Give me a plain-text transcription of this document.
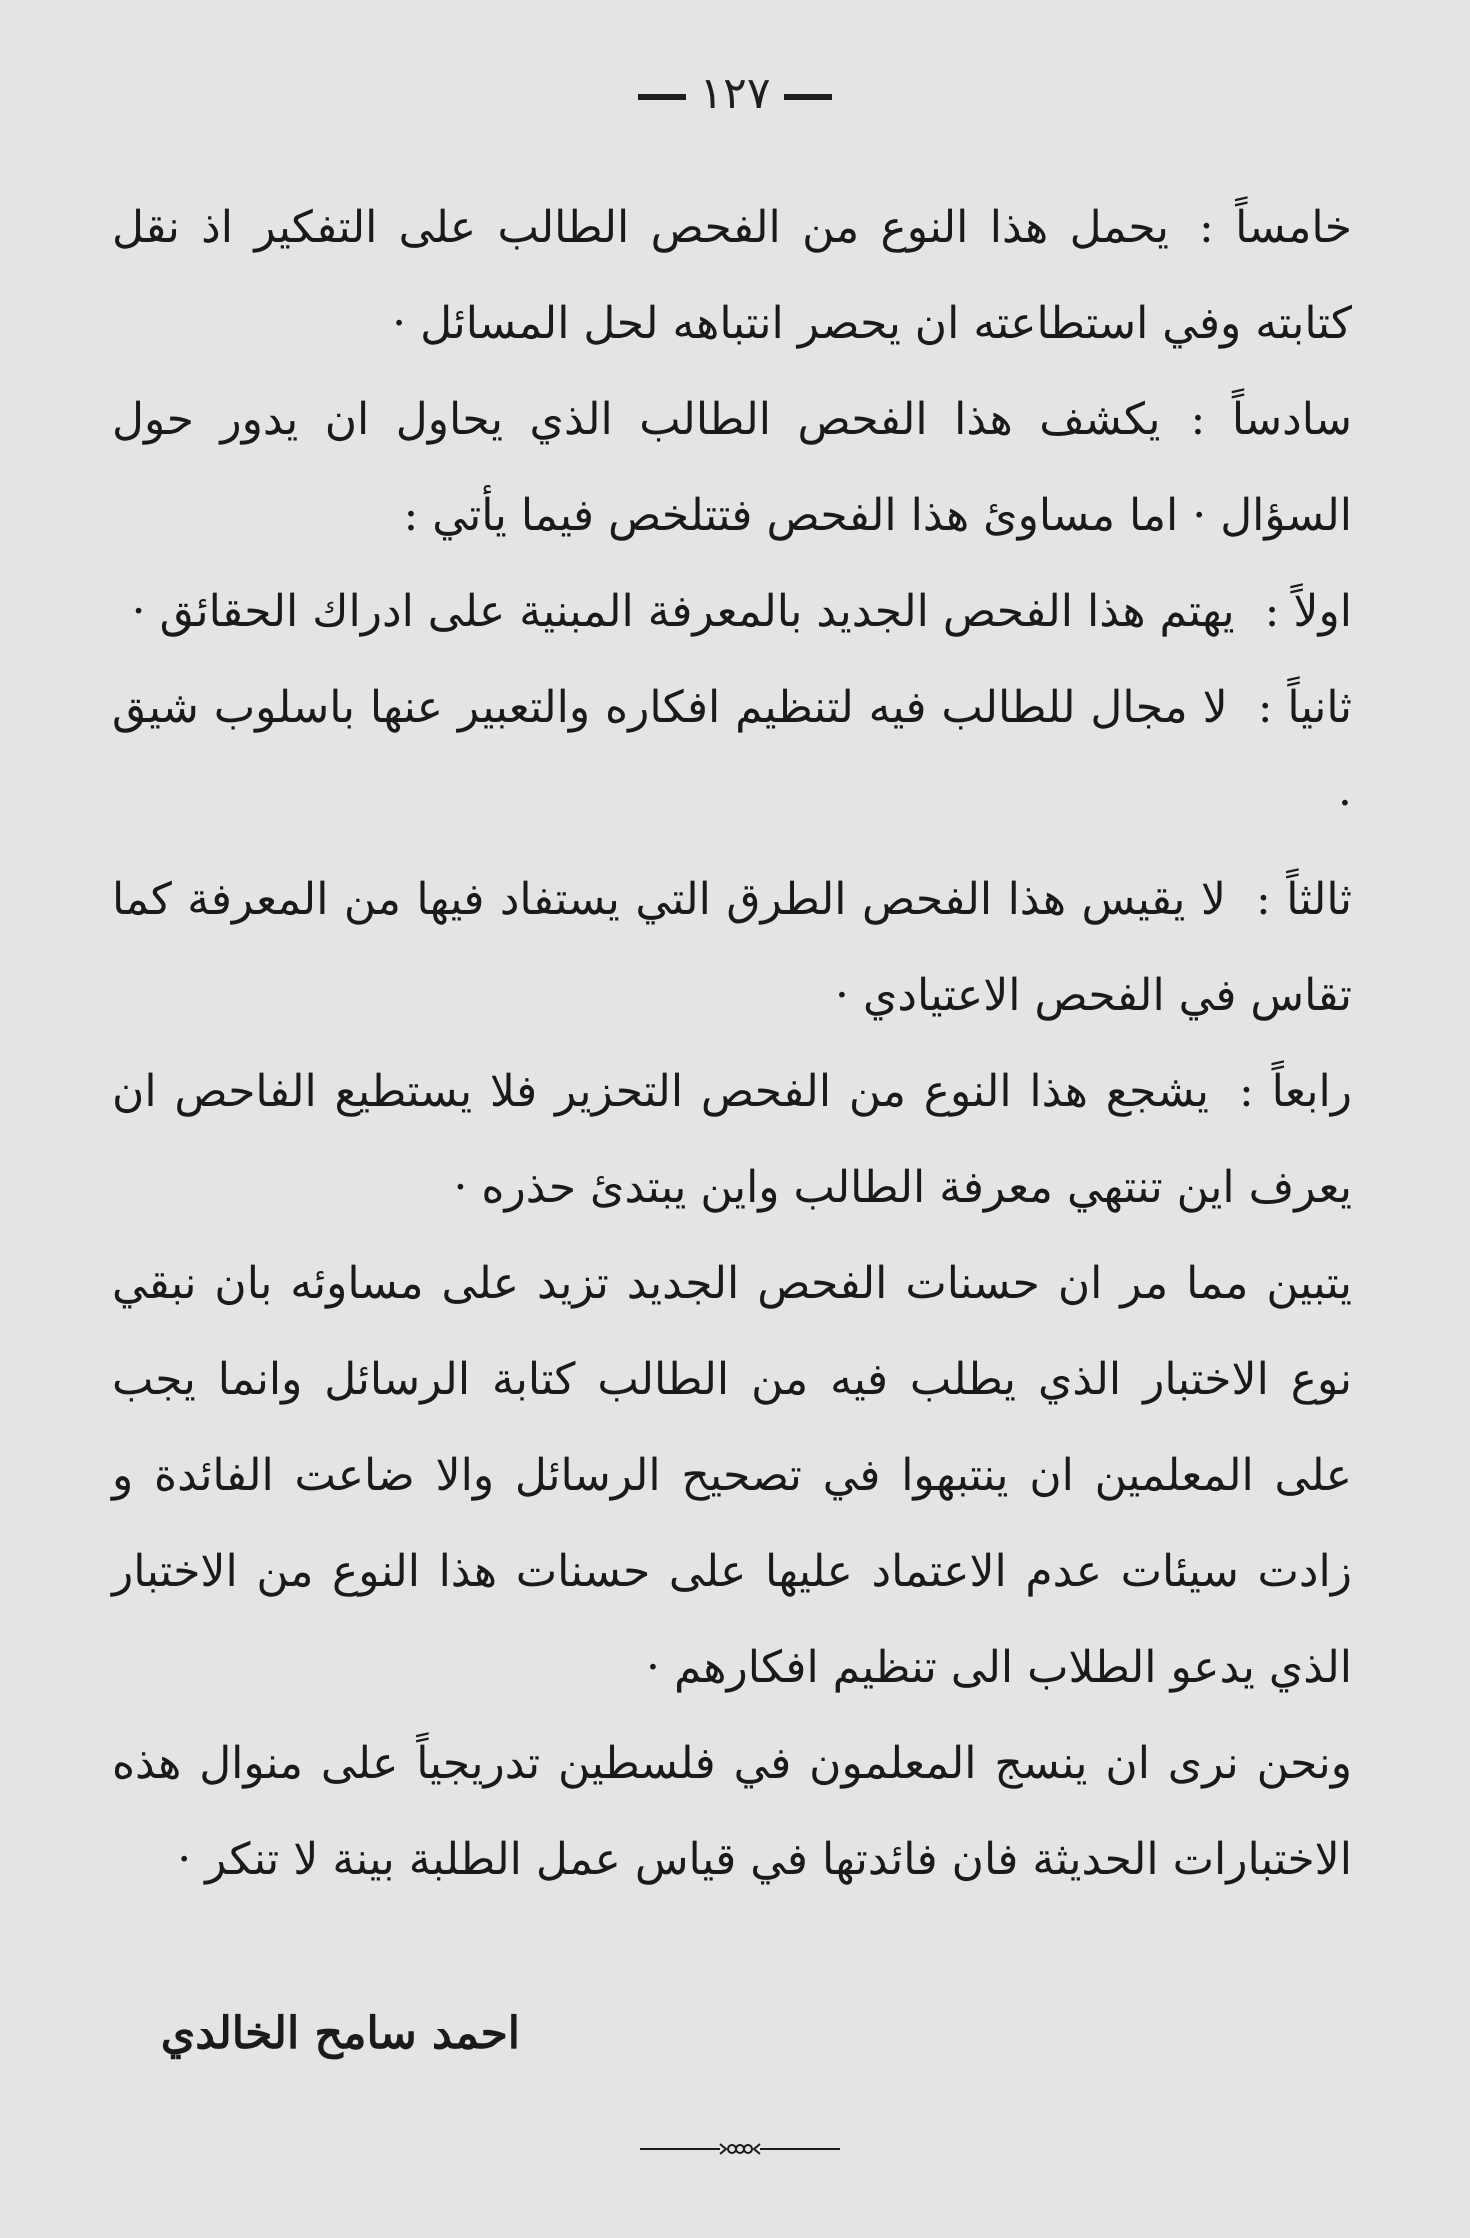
١٢٧

خامساً :يحمل هذا النوع من الفحص الطالب على التفكير اذ نقل كتابته وفي استطاعته ان يحصر انتباهه لحل المسائل ·

سادساً :يكشف هذا الفحص الطالب الذي يحاول ان يدور حول السؤال · اما مساوئ هذا الفحص فتتلخص فيما يأتي :

اولاً :يهتم هذا الفحص الجديد بالمعرفة المبنية على ادراك الحقائق ·

ثانياً :لا مجال للطالب فيه لتنظيم افكاره والتعبير عنها باسلوب شيق ·

ثالثاً :لا يقيس هذا الفحص الطرق التي يستفاد فيها من المعرفة كما تقاس في الفحص الاعتيادي ·

رابعاً :يشجع هذا النوع من الفحص التحزير فلا يستطيع الفاحص ان يعرف اين تنتهي معرفة الطالب واين يبتدئ حذره ·

يتبين مما مر ان حسنات الفحص الجديد تزيد على مساوئه بان نبقي نوع الاختبار الذي يطلب فيه من الطالب كتابة الرسائل وانما يجب على المعلمين ان ينتبهوا في تصحيح الرسائل والا ضاعت الفائدة و زادت سيئات عدم الاعتماد عليها على حسنات هذا النوع من الاختبار الذي يدعو الطلاب الى تنظيم افكارهم ·

ونحن نرى ان ينسج المعلمون في فلسطين تدريجياً على منوال هذه الاختبارات الحديثة فان فائدتها في قياس عمل الطلبة بينة لا تنكر ·

احمد سامح الخالدي
